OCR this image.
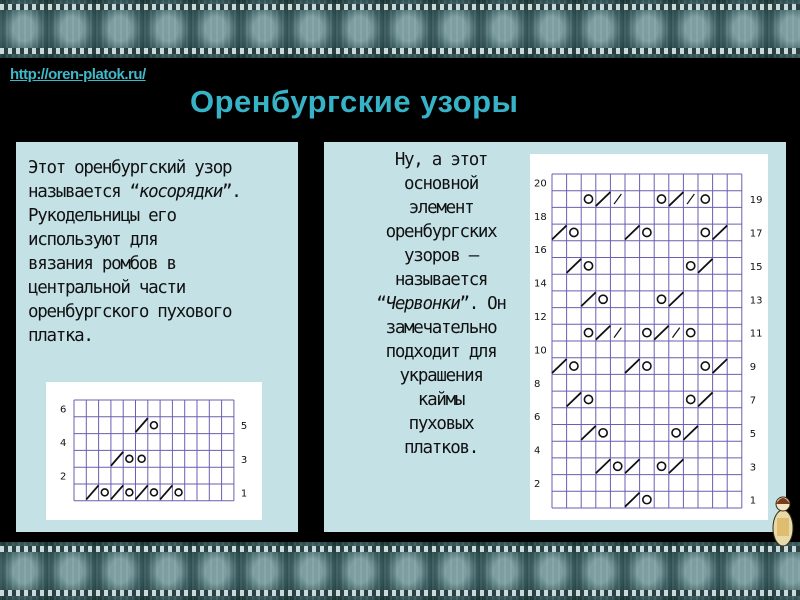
http://oren-platok.ru/
Оренбургские узоры
Этот оренбургский узор
называется “косорядки”.
Рукодельницы его
используют для
вязания ромбов в
центральной части
оренбургского пухового
платка.
Ну, а этот
основной
элемент
оренбургских
узоров –
называется
“Червонки”. Он
замечательно
подходит для
украшения
каймы
пуховых
платков.
6
4
2
5
3
1
20
18
16
14
12
10
8
6
4
2
19
17
15
13
11
9
7
5
3
1
